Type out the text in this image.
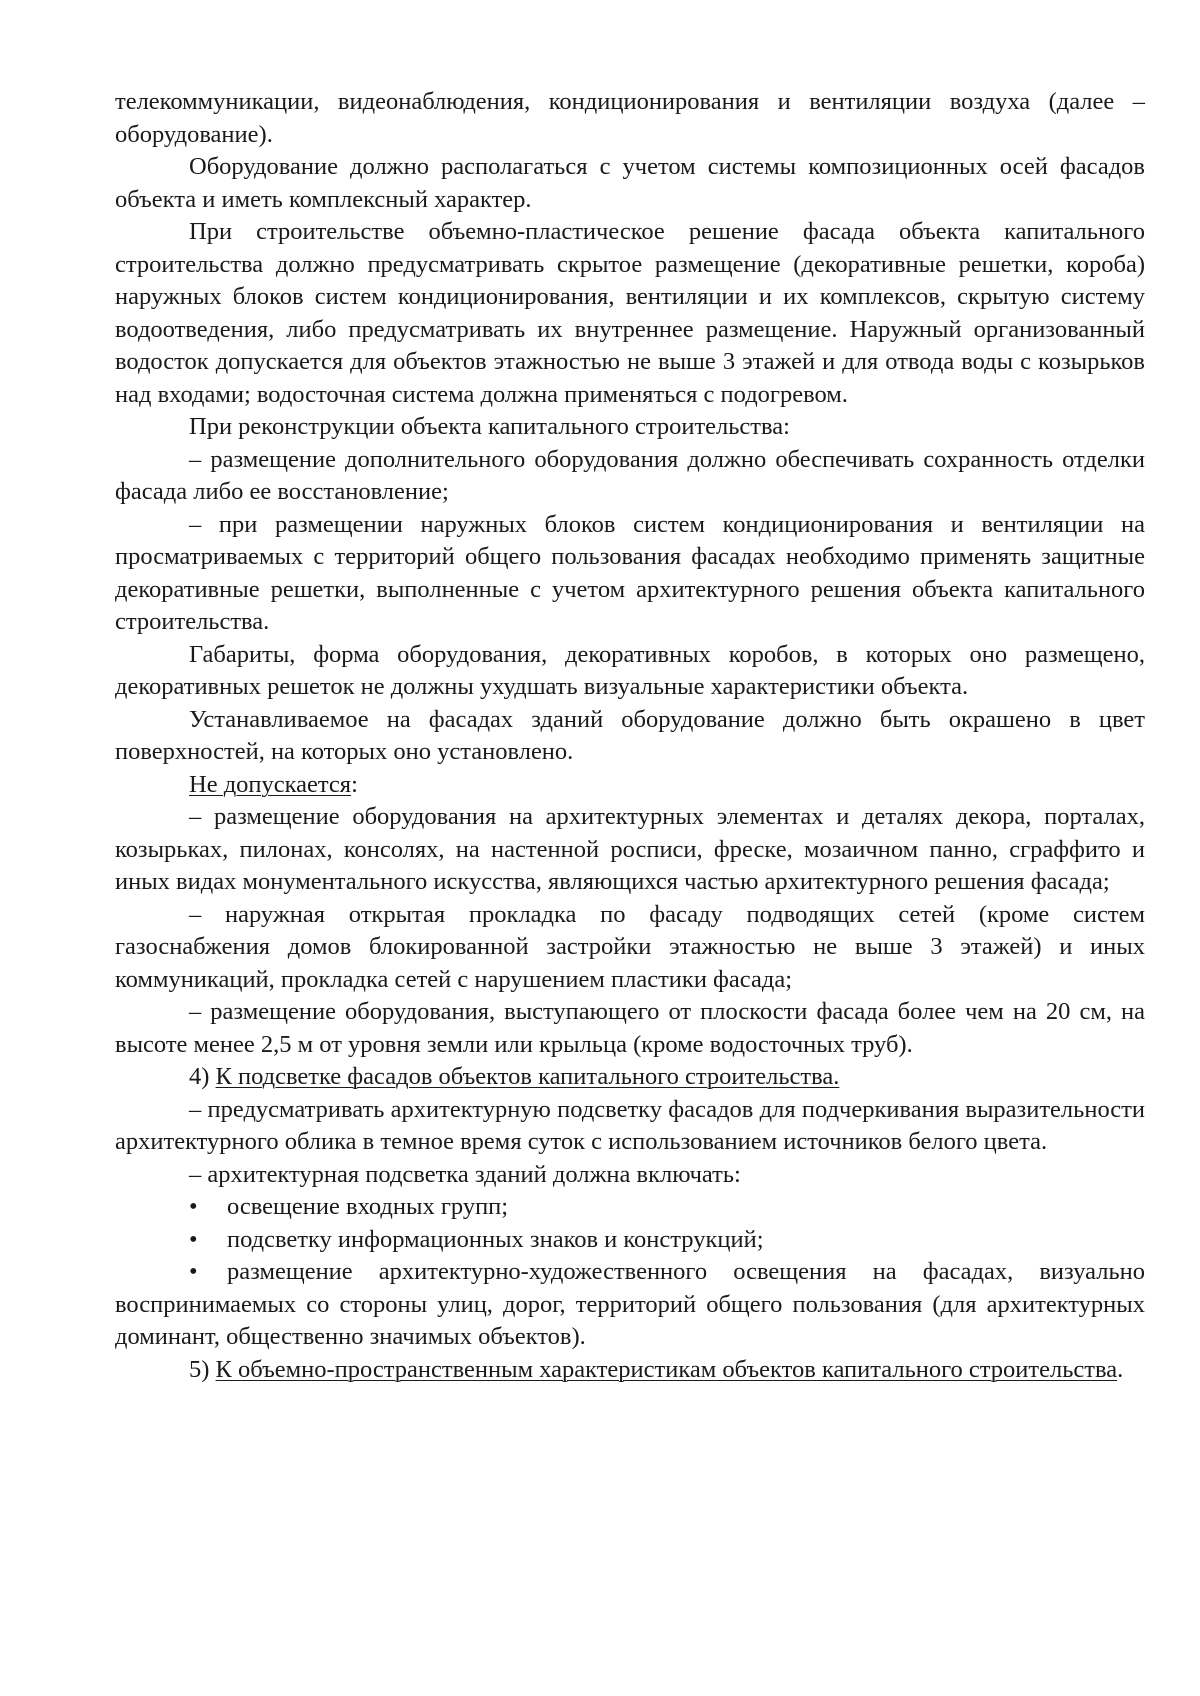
телекоммуникации, видеонаблюдения, кондиционирования и вентиляции воздуха (далее – оборудование).

Оборудование должно располагаться с учетом системы композиционных осей фасадов объекта и иметь комплексный характер.

При строительстве объемно-пластическое решение фасада объекта капитального строительства должно предусматривать скрытое размещение (декоративные решетки, короба) наружных блоков систем кондиционирования, вентиляции и их комплексов, скрытую систему водоотведения, либо предусматривать их внутреннее размещение. Наружный организованный водосток допускается для объектов этажностью не выше 3 этажей и для отвода воды с козырьков над входами; водосточная система должна применяться с подогревом.

При реконструкции объекта капитального строительства:

– размещение дополнительного оборудования должно обеспечивать сохранность отделки фасада либо ее восстановление;

– при размещении наружных блоков систем кондиционирования и вентиляции на просматриваемых с территорий общего пользования фасадах необходимо применять защитные декоративные решетки, выполненные с учетом архитектурного решения объекта капитального строительства.

Габариты, форма оборудования, декоративных коробов, в которых оно размещено, декоративных решеток не должны ухудшать визуальные характеристики объекта.

Устанавливаемое на фасадах зданий оборудование должно быть окрашено в цвет поверхностей, на которых оно установлено.

Не допускается:

– размещение оборудования на архитектурных элементах и деталях декора, порталах, козырьках, пилонах, консолях, на настенной росписи, фреске, мозаичном панно, сграффито и иных видах монументального искусства, являющихся частью архитектурного решения фасада;

– наружная открытая прокладка по фасаду подводящих сетей (кроме систем газоснабжения домов блокированной застройки этажностью не выше 3 этажей) и иных коммуникаций, прокладка сетей с нарушением пластики фасада;

– размещение оборудования, выступающего от плоскости фасада более чем на 20 см, на высоте менее 2,5 м от уровня земли или крыльца (кроме водосточных труб).

4) К подсветке фасадов объектов капитального строительства.

– предусматривать архитектурную подсветку фасадов для подчеркивания выразительности архитектурного облика в темное время суток с использованием источников белого цвета.

– архитектурная подсветка зданий должна включать:

• освещение входных групп;

• подсветку информационных знаков и конструкций;

• размещение архитектурно-художественного освещения на фасадах, визуально воспринимаемых со стороны улиц, дорог, территорий общего пользования (для архитектурных доминант, общественно значимых объектов).

5) К объемно-пространственным характеристикам объектов капитального строительства.
